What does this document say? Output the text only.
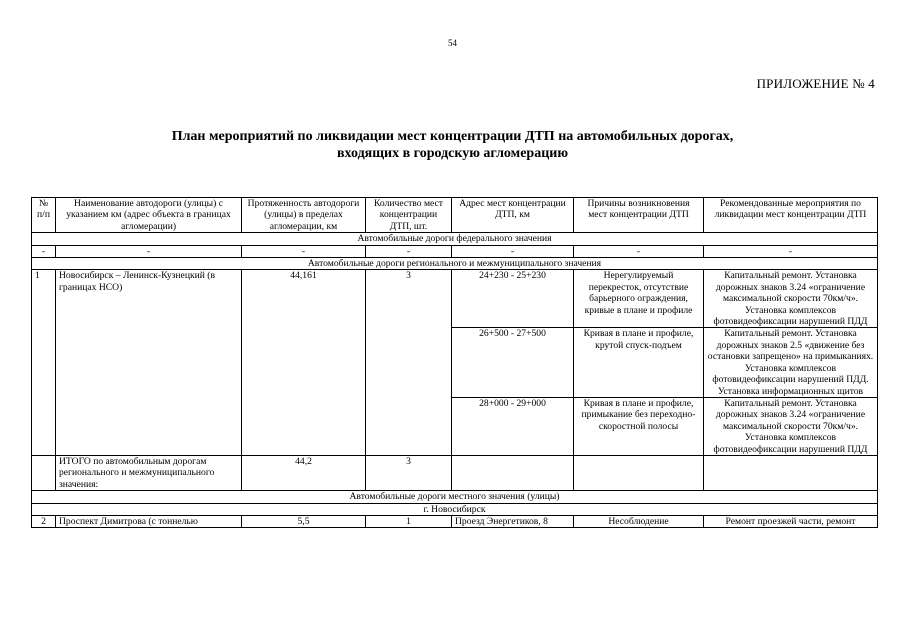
54
ПРИЛОЖЕНИЕ № 4
План мероприятий по ликвидации мест концентрации ДТП на автомобильных дорогах,
входящих в городскую агломерацию
№ п/п	Наименование автодороги (улицы) с указанием км (адрес объекта в границах агломерации)	Протяженность автодороги (улицы) в пределах агломерации, км	Количество мест концентрации ДТП, шт.	Адрес мест концентрации ДТП, км	Причины возникновения мест концентрации ДТП	Рекомендованные мероприятия по ликвидации мест концентрации ДТП
Автомобильные дороги федерального значения						
-	-	-	-	-	-	-
Автомобильные дороги регионального и межмуниципального значения						
1	Новосибирск – Ленинск-Кузнецкий (в границах НСО)	44,161	3	24+230 - 25+230	Нерегулируемый перекресток, отсутствие барьерного ограждения, кривые в плане и профиле	Капитальный ремонт. Установка дорожных знаков 3.24 «ограничение максимальной скорости 70км/ч». Установка комплексов фотовидеофиксации нарушений ПДД
				26+500 - 27+500	Кривая в плане и профиле, крутой спуск-подъем	Капитальный ремонт. Установка дорожных знаков 2.5 «движение без остановки запрещено» на примыканиях. Установка комплексов фотовидеофиксации нарушений ПДД. Установка информационных щитов
				28+000 - 29+000	Кривая в плане и профиле, примыкание без переходно-скоростной полосы	Капитальный ремонт. Установка дорожных знаков 3.24 «ограничение максимальной скорости 70км/ч». Установка комплексов фотовидеофиксации нарушений ПДД
	ИТОГО по автомобильным дорогам регионального и межмуниципального значения:	44,2	3			
Автомобильные дороги местного значения (улицы)						
г. Новосибирск						
2	Проспект Димитрова (с тоннелью	5,5	1	Проезд Энергетиков, 8	Несоблюдение	Ремонт проезжей части, ремонт
